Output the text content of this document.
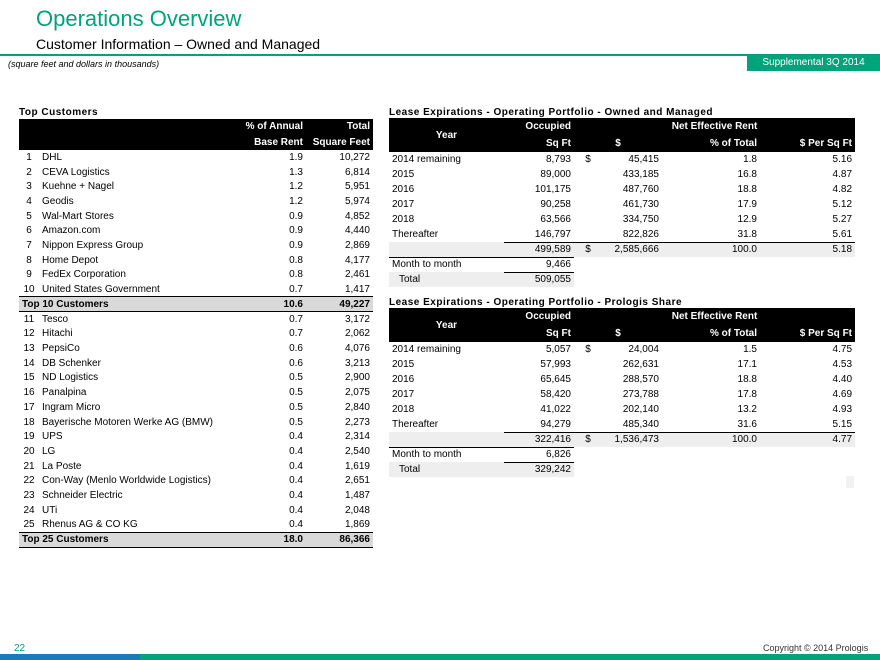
Operations Overview
Customer Information – Owned and Managed
(square feet and dollars in thousands)	Supplemental 3Q 2014
Top Customers
		% of Annual	Total
		Base Rent	Square Feet
1	DHL	1.9	10,272
2	CEVA Logistics	1.3	6,814
3	Kuehne + Nagel	1.2	5,951
4	Geodis	1.2	5,974
5	Wal-Mart Stores	0.9	4,852
6	Amazon.com	0.9	4,440
7	Nippon Express Group	0.9	2,869
8	Home Depot	0.8	4,177
9	FedEx Corporation	0.8	2,461
10	United States Government	0.7	1,417
Top 10 Customers		10.6	49,227
11	Tesco	0.7	3,172
12	Hitachi	0.7	2,062
13	PepsiCo	0.6	4,076
14	DB Schenker	0.6	3,213
15	ND Logistics	0.5	2,900
16	Panalpina	0.5	2,075
17	Ingram Micro	0.5	2,840
18	Bayerische Motoren Werke AG (BMW)	0.5	2,273
19	UPS	0.4	2,314
20	LG	0.4	2,540
21	La Poste	0.4	1,619
22	Con-Way (Menlo Worldwide Logistics)	0.4	2,651
23	Schneider Electric	0.4	1,487
24	UTi	0.4	2,048
25	Rhenus AG & CO KG	0.4	1,869
Top 25 Customers		18.0	86,366
Lease Expirations - Operating Portfolio - Owned and Managed
Year	Occupied	Net Effective Rent			
	Sq Ft	$		% of Total	$ Per Sq Ft
2014 remaining	8,793	$	45,415	1.8	5.16
2015	89,000		433,185	16.8	4.87
2016	101,175		487,760	18.8	4.82
2017	90,258		461,730	17.9	5.12
2018	63,566		334,750	12.9	5.27
Thereafter	146,797		822,826	31.8	5.61
	499,589	$	2,585,666	100.0	5.18
Month to month	9,466				
Total	509,055				
Lease Expirations - Operating Portfolio - Prologis Share
Year	Occupied	Net Effective Rent			
	Sq Ft	$		% of Total	$ Per Sq Ft
2014 remaining	5,057	$	24,004	1.5	4.75
2015	57,993		262,631	17.1	4.53
2016	65,645		288,570	18.8	4.40
2017	58,420		273,788	17.8	4.69
2018	41,022		202,140	13.2	4.93
Thereafter	94,279		485,340	31.6	5.15
	322,416	$	1,536,473	100.0	4.77
Month to month	6,826				
Total	329,242				
22	Copyright © 2014 Prologis
